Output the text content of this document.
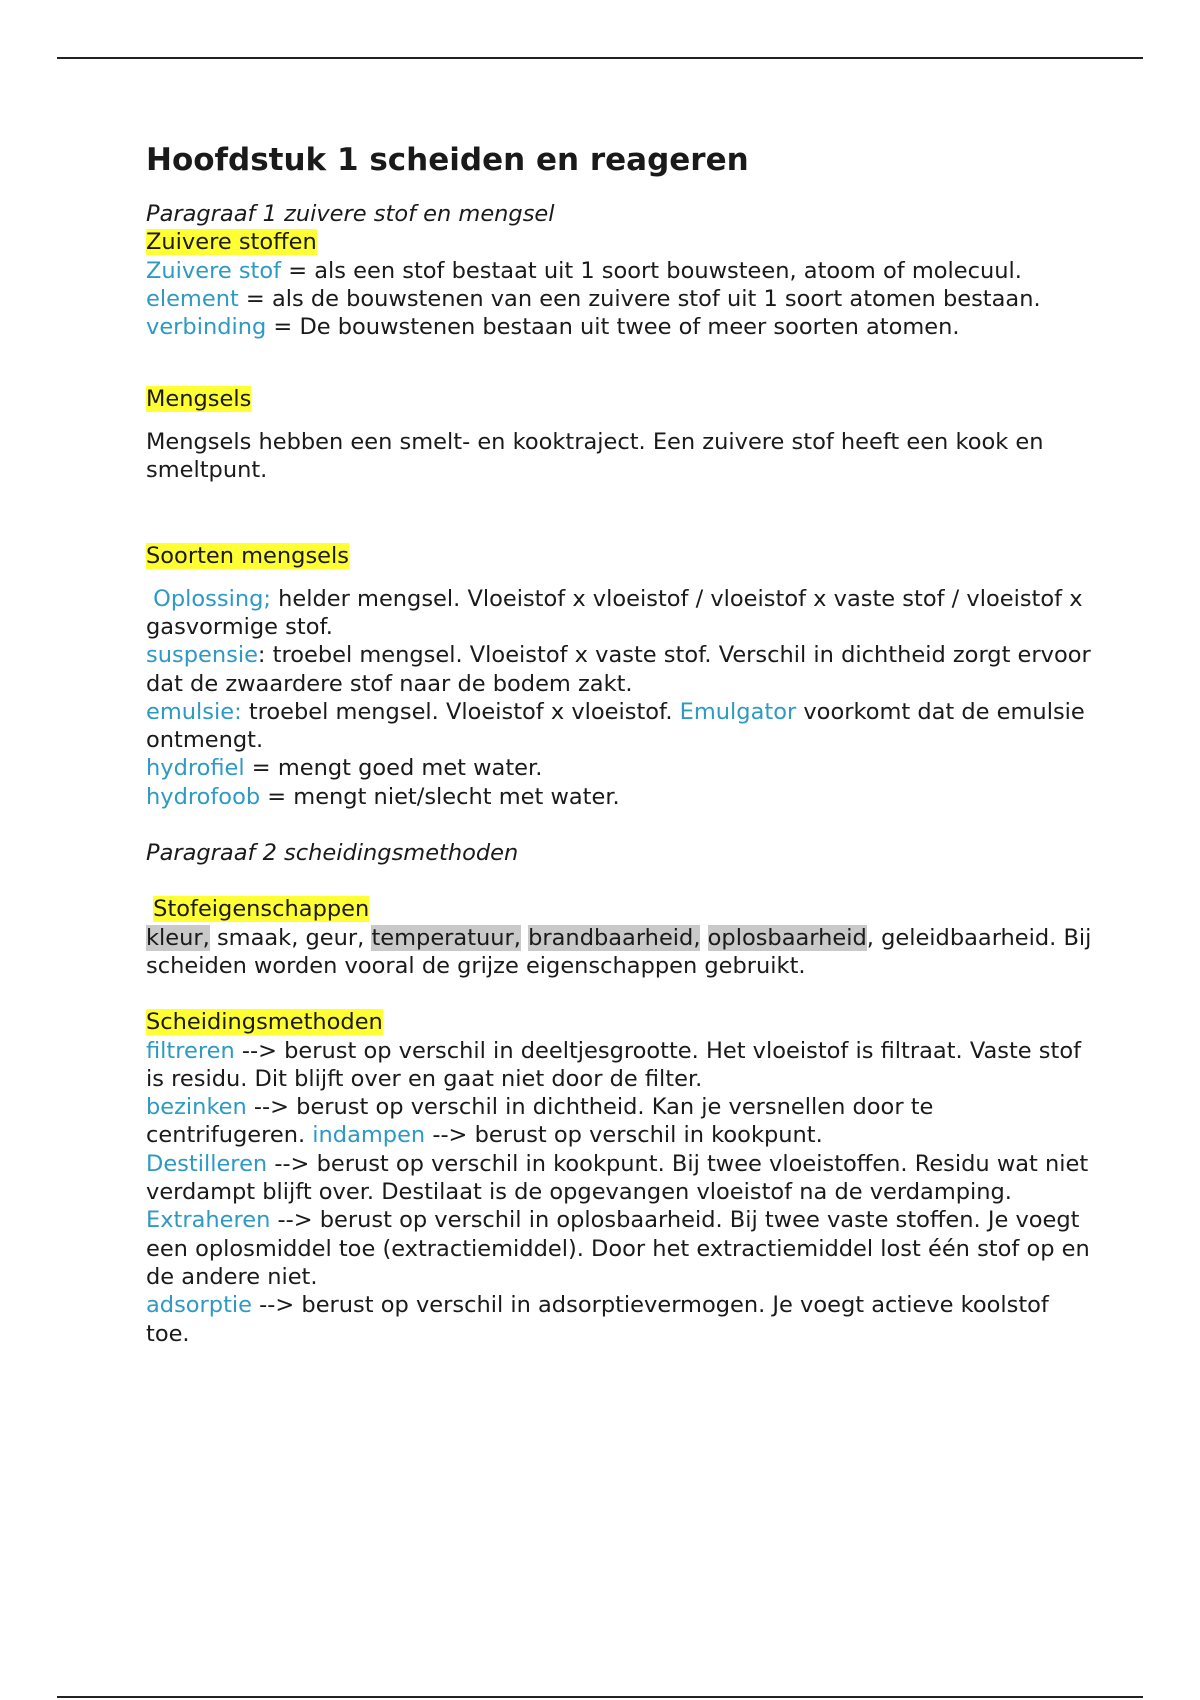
Hoofdstuk 1 scheiden en reageren

Paragraaf 1 zuivere stof en mengsel

Zuivere stoffen

Zuivere stof = als een stof bestaat uit 1 soort bouwsteen, atoom of molecuul.

element = als de bouwstenen van een zuivere stof uit 1 soort atomen bestaan.

verbinding = De bouwstenen bestaan uit twee of meer soorten atomen.

Mengsels

Mengsels hebben een smelt- en kooktraject. Een zuivere stof heeft een kook en smeltpunt.

Soorten mengsels

Oplossing; helder mengsel. Vloeistof x vloeistof / vloeistof x vaste stof / vloeistof x gasvormige stof.

suspensie: troebel mengsel. Vloeistof x vaste stof. Verschil in dichtheid zorgt ervoor dat de zwaardere stof naar de bodem zakt.

emulsie: troebel mengsel. Vloeistof x vloeistof. Emulgator voorkomt dat de emulsie ontmengt.

hydrofiel = mengt goed met water.

hydrofoob = mengt niet/slecht met water.

Paragraaf 2 scheidingsmethoden

Stofeigenschappen

kleur, smaak, geur, temperatuur, brandbaarheid, oplosbaarheid, geleidbaarheid. Bij scheiden worden vooral de grijze eigenschappen gebruikt.

Scheidingsmethoden

filtreren --> berust op verschil in deeltjesgrootte. Het vloeistof is filtraat. Vaste stof is residu. Dit blijft over en gaat niet door de filter.

bezinken --> berust op verschil in dichtheid. Kan je versnellen door te centrifugeren. indampen --> berust op verschil in kookpunt.

Destilleren --> berust op verschil in kookpunt. Bij twee vloeistoffen. Residu wat niet verdampt blijft over. Destilaat is de opgevangen vloeistof na de verdamping.

Extraheren --> berust op verschil in oplosbaarheid. Bij twee vaste stoffen. Je voegt een oplosmiddel toe (extractiemiddel). Door het extractiemiddel lost één stof op en de andere niet.

adsorptie --> berust op verschil in adsorptievermogen. Je voegt actieve koolstof toe.
